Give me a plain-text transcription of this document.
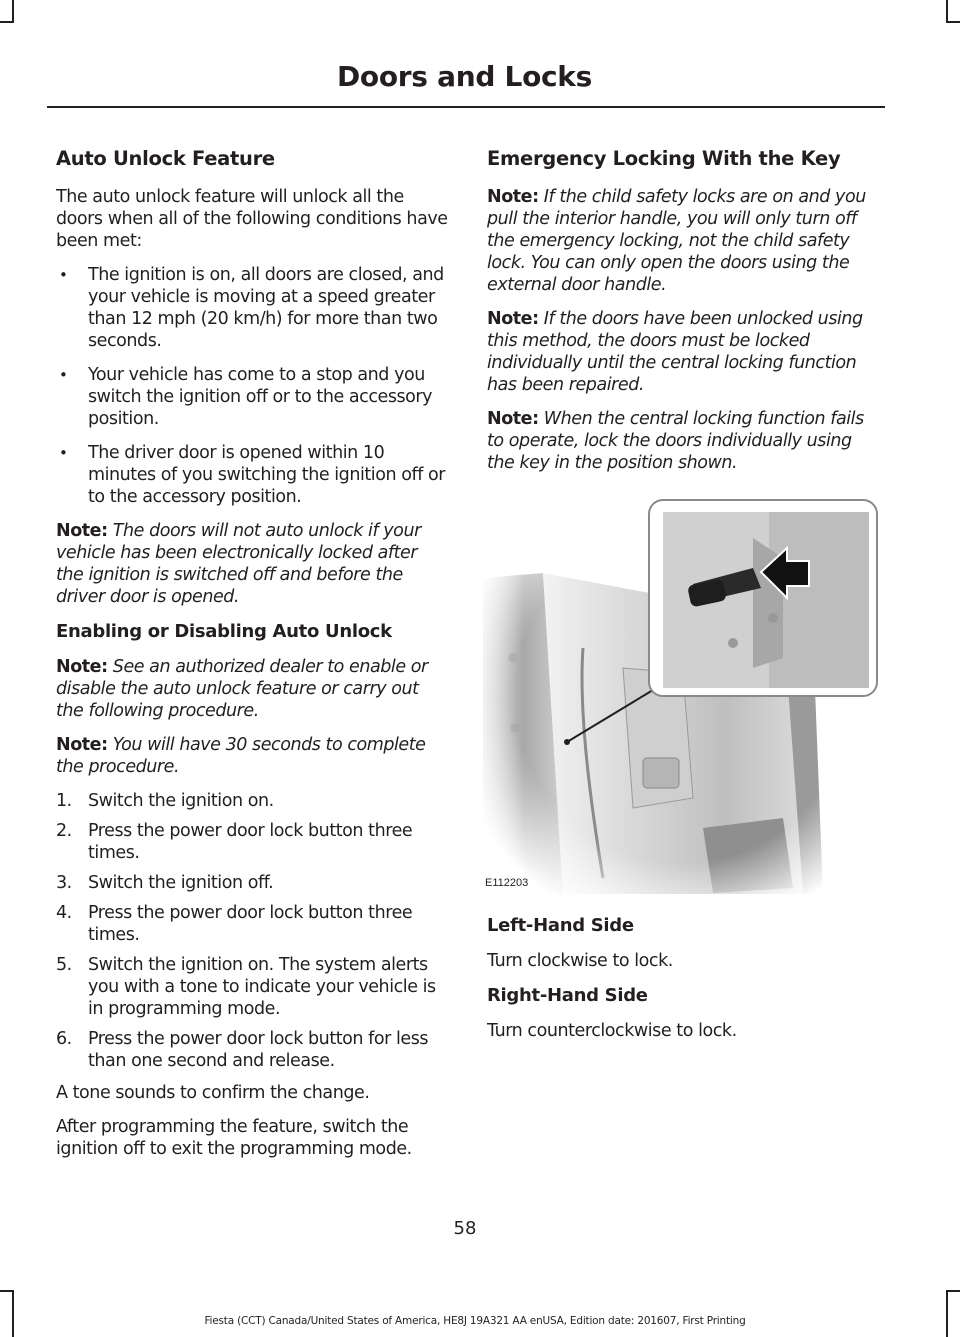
Doors and Locks
Auto Unlock Feature

The auto unlock feature will unlock all the doors when all of the following conditions have been met:

• The ignition is on, all doors are closed, and your vehicle is moving at a speed greater than 12 mph (20 km/h) for more than two seconds.
• Your vehicle has come to a stop and you switch the ignition off or to the accessory position.
• The driver door is opened within 10 minutes of you switching the ignition off or to the accessory position.

Note: The doors will not auto unlock if your vehicle has been electronically locked after the ignition is switched off and before the driver door is opened.

Enabling or Disabling Auto Unlock

Note: See an authorized dealer to enable or disable the auto unlock feature or carry out the following procedure.

Note: You will have 30 seconds to complete the procedure.

1. Switch the ignition on.
2. Press the power door lock button three times.
3. Switch the ignition off.
4. Press the power door lock button three times.
5. Switch the ignition on. The system alerts you with a tone to indicate your vehicle is in programming mode.
6. Press the power door lock button for less than one second and release.

A tone sounds to confirm the change.

After programming the feature, switch the ignition off to exit the programming mode.

Emergency Locking With the Key

Note: If the child safety locks are on and you pull the interior handle, you will only turn off the emergency locking, not the child safety lock. You can only open the doors using the external door handle.

Note: If the doors have been unlocked using this method, the doors must be locked individually until the central locking function has been repaired.

Note: When the central locking function fails to operate, lock the doors individually using the key in the position shown.

E112203
Left-Hand Side

Turn clockwise to lock.

Right-Hand Side

Turn counterclockwise to lock.

58
Fiesta (CCT) Canada/United States of America, HE8J 19A321 AA enUSA, Edition date: 201607, First Printing
